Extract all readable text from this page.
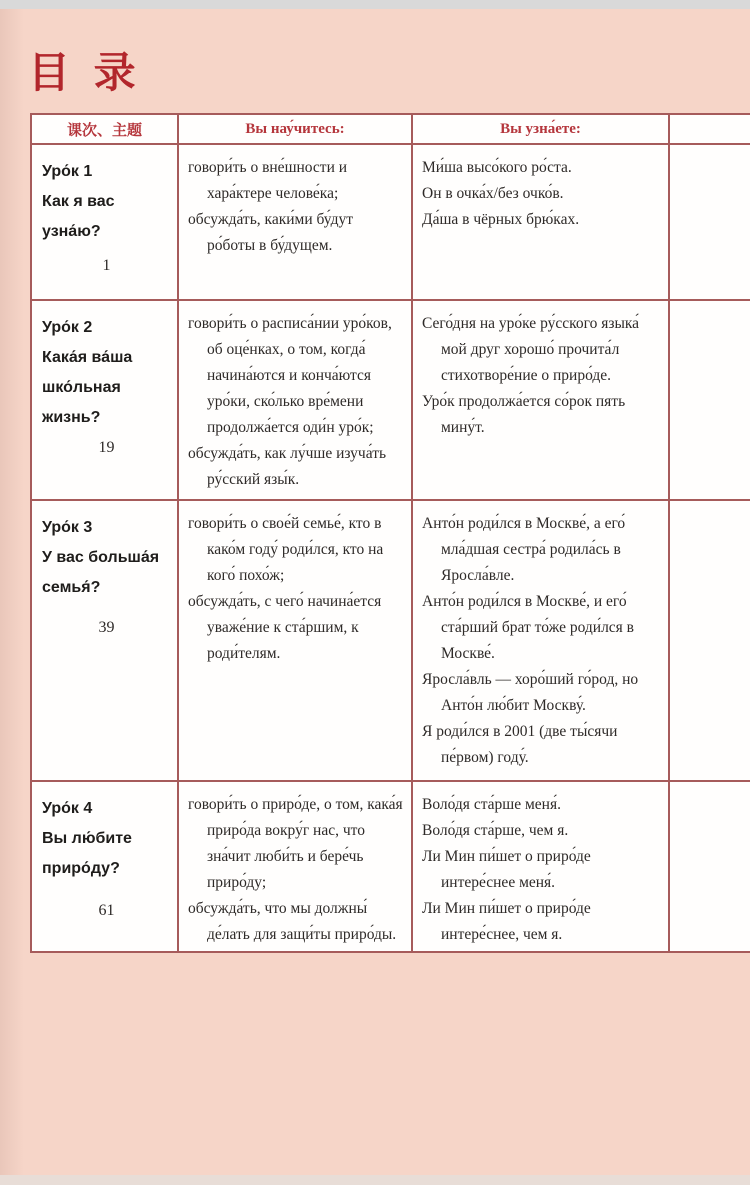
目 录
课次、主题	Вы нау́читесь:	Вы узна́ете:
Уро́к 1
Как я вас
узна́ю?
1

говори́ть о вне́шности и хара́ктере челове́ка;

обсужда́ть, каки́ми бу́дут ро́боты в бу́дущем.

Ми́ша высо́кого ро́ста.

Он в очка́х/без очко́в.

Да́ша в чёрных брю́ках.

Уро́к 2
Кака́я ва́ша
шко́льная
жизнь?
19

говори́ть о расписа́нии уро́ков, об оце́нках, о том, когда́ начина́ются и конча́ются уро́ки, ско́лько вре́мени продолжа́ется оди́н уро́к;

обсужда́ть, как лу́чше изуча́ть ру́сский язы́к.

Сего́дня на уро́ке ру́сского языка́ мой друг хорошо́ прочита́л стихотворе́ние о приро́де.

Уро́к продолжа́ется со́рок пять мину́т.

Уро́к 3
У вас больша́я
семья́?
39

говори́ть о свое́й семье́, кто в како́м году́ роди́лся, кто на кого́ похо́ж;

обсужда́ть, с чего́ начина́ется уваже́ние к ста́ршим, к роди́телям.

Анто́н роди́лся в Москве́, а его́ мла́дшая сестра́ родила́сь в Яросла́вле.

Анто́н роди́лся в Москве́, и его́ ста́рший брат то́же роди́лся в Москве́.

Яросла́вль — хоро́ший го́род, но Анто́н лю́бит Москву́.

Я роди́лся в 2001 (две ты́сячи пе́рвом) году́.

Уро́к 4
Вы лю́бите
приро́ду?
61

говори́ть о приро́де, о том, кака́я приро́да вокру́г нас, что зна́чит люби́ть и бере́чь приро́ду;

обсужда́ть, что мы должны́ де́лать для защи́ты приро́ды.

Воло́дя ста́рше меня́.

Воло́дя ста́рше, чем я.

Ли Мин пи́шет о приро́де интере́снее меня́.

Ли Мин пи́шет о приро́де интере́снее, чем я.
